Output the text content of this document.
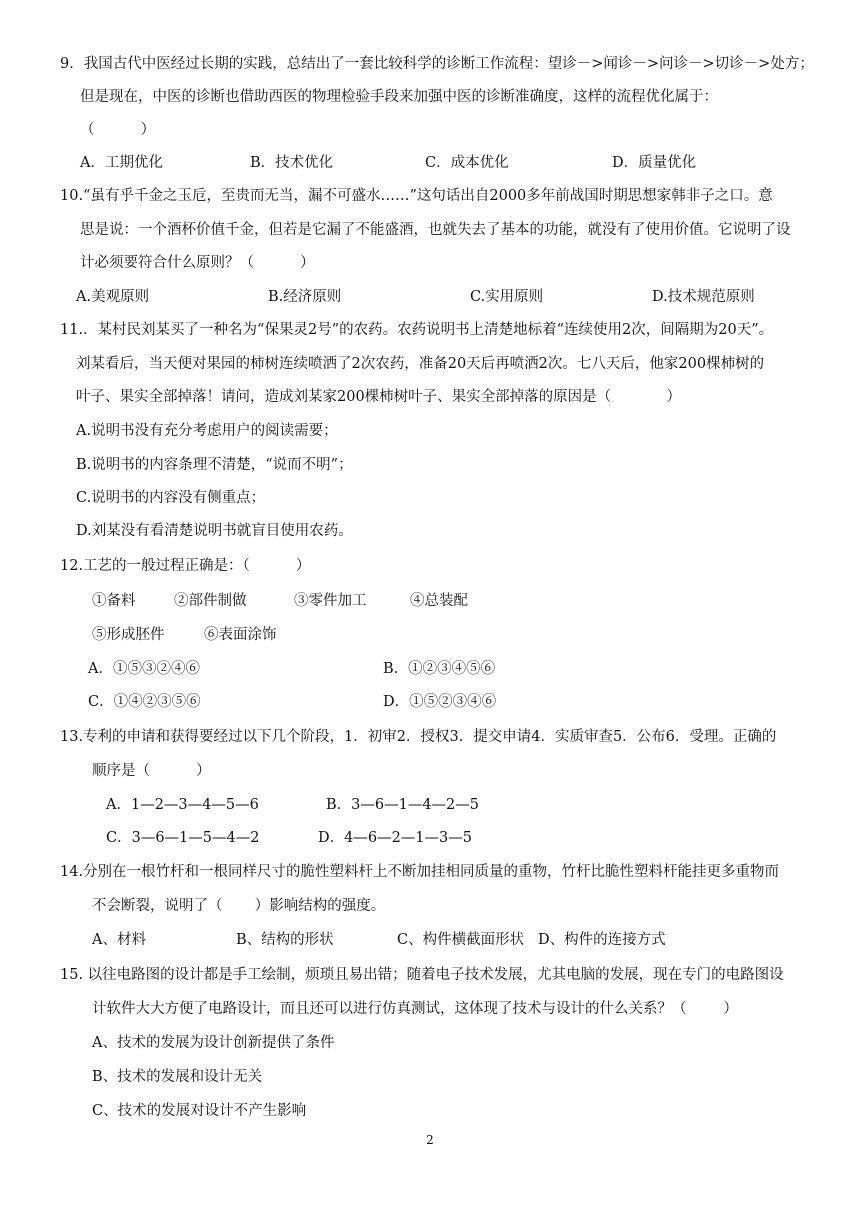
9．我国古代中医经过长期的实践，总结出了一套比较科学的诊断工作流程：望诊－>闻诊－>问诊－>切诊－>处方；
但是现在，中医的诊断也借助西医的物理检验手段来加强中医的诊断准确度，这样的流程优化属于：
（          ）
A．工期优化	B．技术优化	C．成本优化	D．质量优化
10.“虽有乎千金之玉卮，至贵而无当，漏不可盛水……”这句话出自2000多年前战国时期思想家韩非子之口。意
思是说：一个酒杯价值千金，但若是它漏了不能盛酒，也就失去了基本的功能，就没有了使用价值。它说明了设
计必须要符合什么原则？（          ）
A.美观原则	B.经济原则	C.实用原则	D.技术规范原则
11.．某村民刘某买了一种名为“保果灵2号”的农药。农药说明书上清楚地标着“连续使用2次，间隔期为20天”。
刘某看后，当天便对果园的柿树连续喷洒了2次农药，准备20天后再喷洒2次。七八天后，他家200棵柿树的
叶子、果实全部掉落！请问，造成刘某家200棵柿树叶子、果实全部掉落的原因是（            ）
A.说明书没有充分考虑用户的阅读需要；
B.说明书的内容条理不清楚，“说而不明”；
C.说明书的内容没有侧重点；
D.刘某没有看清楚说明书就盲目使用农药。
12.工艺的一般过程正确是：（          ）
①备料	②部件制做	③零件加工	④总装配
⑤形成胚件	⑥表面涂饰
A．①⑤③②④⑥	B．①②③④⑤⑥
C．①④②③⑤⑥	D．①⑤②③④⑥
13.专利的申请和获得要经过以下几个阶段，1．初审2．授权3．提交申请4．实质审查5．公布6．受理。正确的
顺序是（          ）
A．1—2—3—4—5—6	B．3—6—1—4—2—5
C．3—6—1—5—4—2	D．4—6—2—1—3—5
14.分别在一根竹杆和一根同样尺寸的脆性塑料杆上不断加挂相同质量的重物，竹杆比脆性塑料杆能挂更多重物而
不会断裂，说明了（       ）影响结构的强度。
A、材料	B、结构的形状	C、构件横截面形状 D、构件的连接方式
15. 以往电路图的设计都是手工绘制，烦琐且易出错；随着电子技术发展，尤其电脑的发展，现在专门的电路图设
计软件大大方便了电路设计，而且还可以进行仿真测试，这体现了技术与设计的什么关系？（        ）
A、技术的发展为设计创新提供了条件
B、技术的发展和设计无关
C、技术的发展对设计不产生影响
2
